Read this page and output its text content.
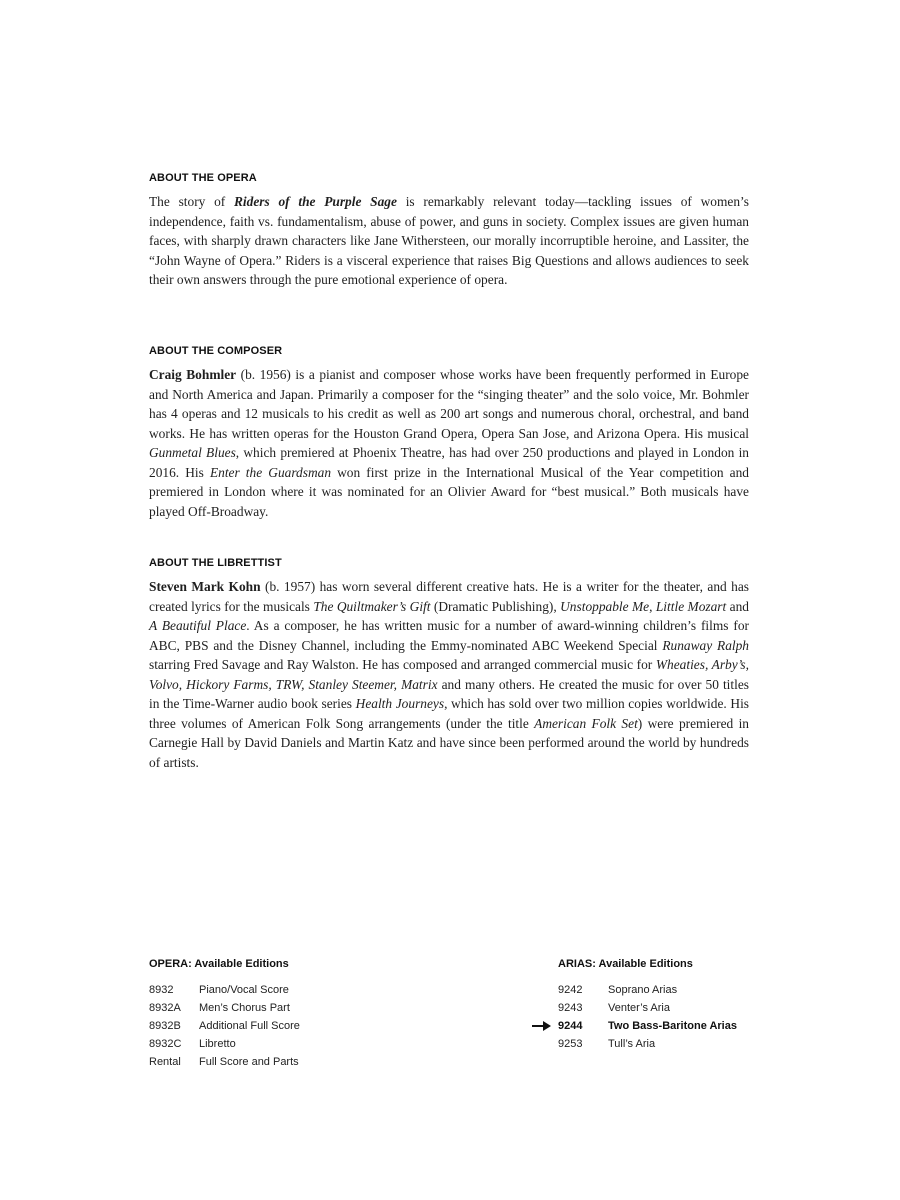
ABOUT THE OPERA

The story of Riders of the Purple Sage is remarkably relevant today—tackling issues of women’s independence, faith vs. fundamentalism, abuse of power, and guns in society. Complex issues are given human faces, with sharply drawn characters like Jane Withersteen, our morally incorruptible heroine, and Lassiter, the “John Wayne of Opera.” Riders is a visceral experience that raises Big Questions and allows audiences to seek their own answers through the pure emotional experience of opera.

ABOUT THE COMPOSER

Craig Bohmler (b. 1956) is a pianist and composer whose works have been frequently performed in Europe and North America and Japan. Primarily a composer for the “singing theater” and the solo voice, Mr. Bohmler has 4 operas and 12 musicals to his credit as well as 200 art songs and numerous choral, orchestral, and band works. He has written operas for the Houston Grand Opera, Opera San Jose, and Arizona Opera. His musical Gunmetal Blues, which premiered at Phoenix Theatre, has had over 250 productions and played in London in 2016. His Enter the Guardsman won first prize in the International Musical of the Year competition and premiered in London where it was nominated for an Olivier Award for “best musical.” Both musicals have played Off-Broadway.

ABOUT THE LIBRETTIST

Steven Mark Kohn (b. 1957) has worn several different creative hats. He is a writer for the theater, and has created lyrics for the musicals The Quiltmaker’s Gift (Dramatic Publishing), Unstoppable Me, Little Mozart and A Beautiful Place. As a composer, he has written music for a number of award-winning children’s films for ABC, PBS and the Disney Channel, including the Emmy-nominated ABC Weekend Special Runaway Ralph starring Fred Savage and Ray Walston. He has composed and arranged commercial music for Wheaties, Arby’s, Volvo, Hickory Farms, TRW, Stanley Steemer, Matrix and many others. He created the music for over 50 titles in the Time-Warner audio book series Health Journeys, which has sold over two million copies worldwide. His three volumes of American Folk Song arrangements (under the title American Folk Set) were premiered in Carnegie Hall by David Daniels and Martin Katz and have since been performed around the world by hundreds of artists.

OPERA: Available Editions
8932 Piano/Vocal Score
8932A Men’s Chorus Part
8932B Additional Full Score
8932C Libretto
Rental Full Score and Parts
ARIAS: Available Editions
9242 Soprano Arias
9243 Venter’s Aria
9244 Two Bass-Baritone Arias
9253 Tull’s Aria
